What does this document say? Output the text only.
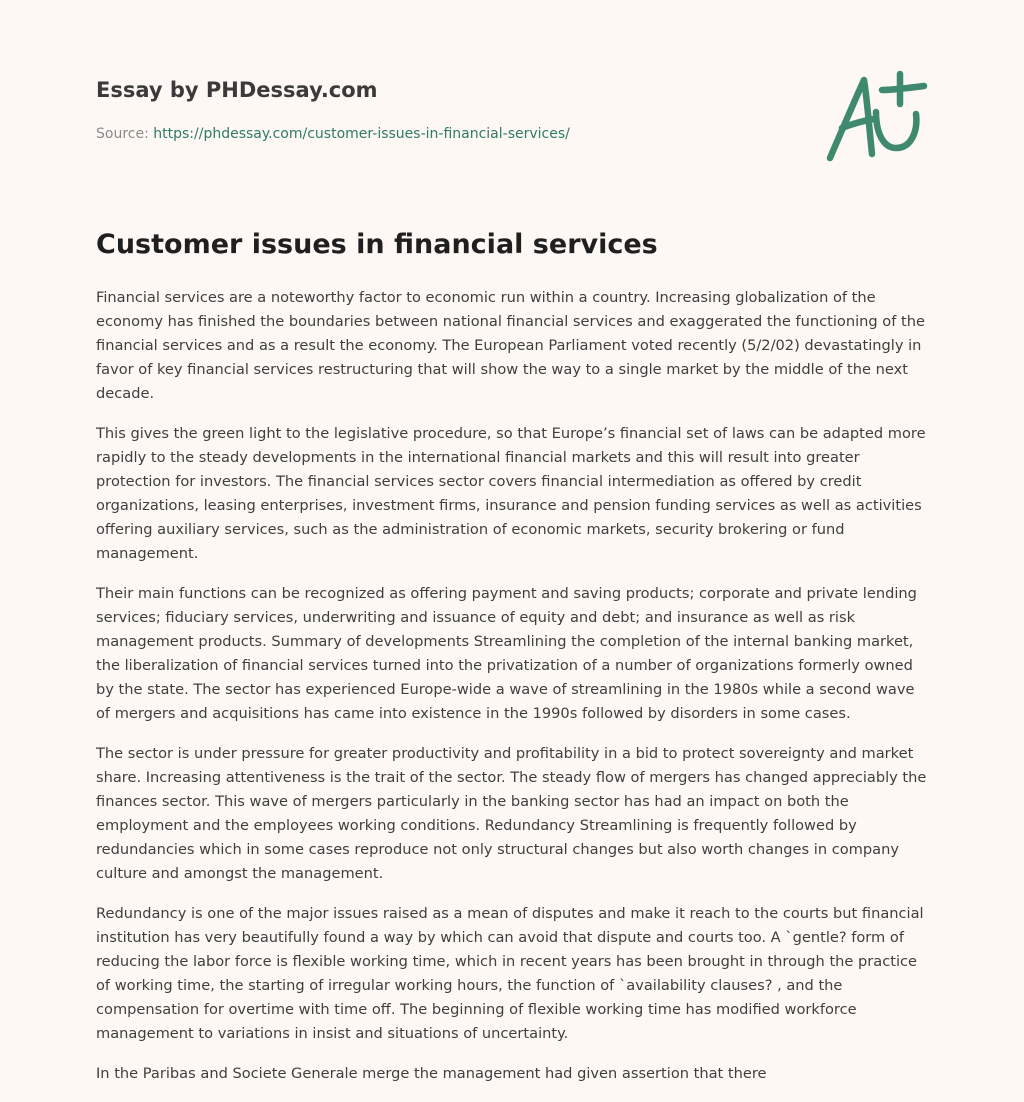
Essay by PHDessay.com
Source: https://phdessay.com/customer-issues-in-financial-services/
Customer issues in financial services

Financial services are a noteworthy factor to economic run within a country. Increasing globalization of the economy has finished the boundaries between national financial services and exaggerated the functioning of the financial services and as a result the economy. The European Parliament voted recently (5/2/02) devastatingly in favor of key financial services restructuring that will show the way to a single market by the middle of the next decade.

This gives the green light to the legislative procedure, so that Europe’s financial set of laws can be adapted more rapidly to the steady developments in the international financial markets and this will result into greater protection for investors. The financial services sector covers financial intermediation as offered by credit organizations, leasing enterprises, investment firms, insurance and pension funding services as well as activities offering auxiliary services, such as the administration of economic markets, security brokering or fund management.

Their main functions can be recognized as offering payment and saving products; corporate and private lending services; fiduciary services, underwriting and issuance of equity and debt; and insurance as well as risk management products. Summary of developments Streamlining the completion of the internal banking market, the liberalization of financial services turned into the privatization of a number of organizations formerly owned by the state. The sector has experienced Europe-wide a wave of streamlining in the 1980s while a second wave of mergers and acquisitions has came into existence in the 1990s followed by disorders in some cases.

The sector is under pressure for greater productivity and profitability in a bid to protect sovereignty and market share. Increasing attentiveness is the trait of the sector. The steady flow of mergers has changed appreciably the finances sector. This wave of mergers particularly in the banking sector has had an impact on both the employment and the employees working conditions. Redundancy Streamlining is frequently followed by redundancies which in some cases reproduce not only structural changes but also worth changes in company culture and amongst the management.

Redundancy is one of the major issues raised as a mean of disputes and make it reach to the courts but financial institution has very beautifully found a way by which can avoid that dispute and courts too. A `gentle? form of reducing the labor force is flexible working time, which in recent years has been brought in through the practice of working time, the starting of irregular working hours, the function of `availability clauses? , and the compensation for overtime with time off. The beginning of flexible working time has modified workforce management to variations in insist and situations of uncertainty.

In the Paribas and Societe Generale merge the management had given assertion that there
